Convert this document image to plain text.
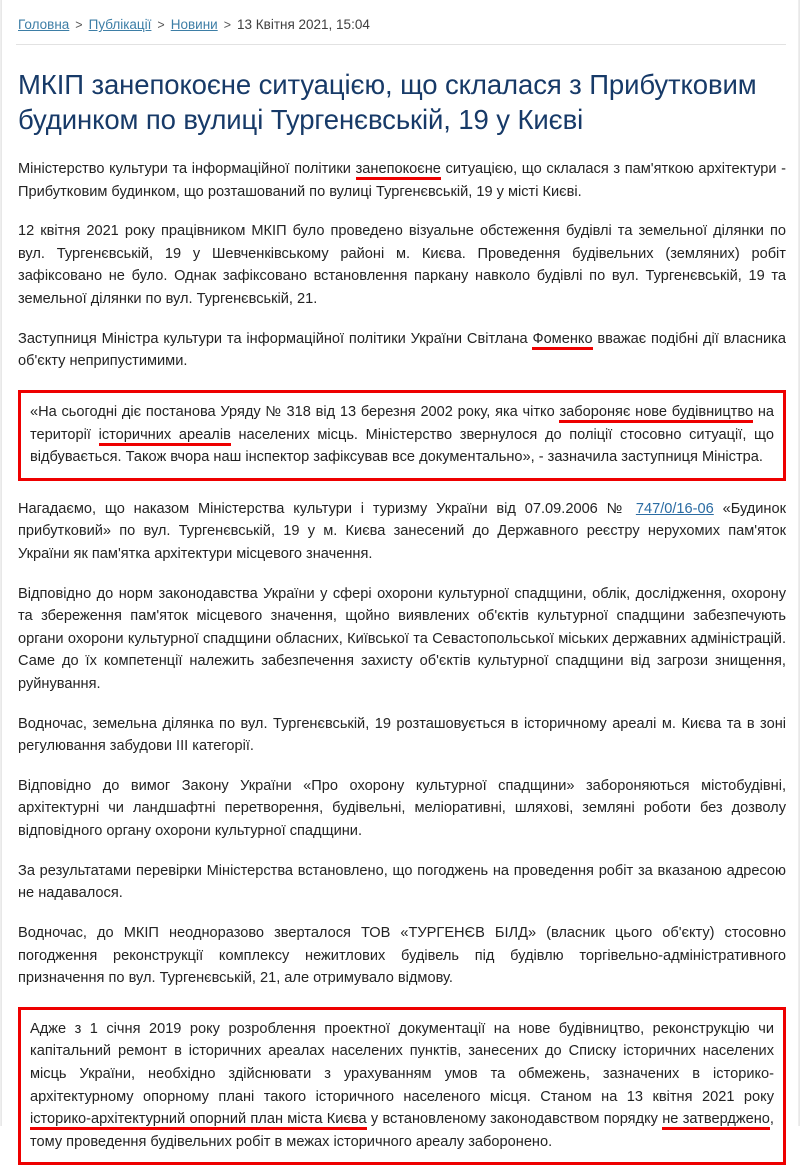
Головна > Публікації > Новини > 13 Квітня 2021, 15:04
МКІП занепокоєне ситуацією, що склалася з Прибутковим будинком по вулиці Тургенєвській, 19 у Києві

Міністерство культури та інформаційної політики занепокоєне ситуацією, що склалася з пам'яткою архітектури - Прибутковим будинком, що розташований по вулиці Тургенєвській, 19 у місті Києві.

12 квітня 2021 року працівником МКІП було проведено візуальне обстеження будівлі та земельної ділянки по вул. Тургенєвській, 19 у Шевченківському районі м. Києва. Проведення будівельних (земляних) робіт зафіксовано не було. Однак зафіксовано встановлення паркану навколо будівлі по вул. Тургенєвській, 19 та земельної ділянки по вул. Тургенєвській, 21.

Заступниця Міністра культури та інформаційної політики України Світлана Фоменко вважає подібні дії власника об'єкту неприпустимими.

«На сьогодні діє постанова Уряду № 318 від 13 березня 2002 року, яка чітко забороняє нове будівництво на території історичних ареалів населених місць. Міністерство звернулося до поліції стосовно ситуації, що відбувається. Також вчора наш інспектор зафіксував все документально», - зазначила заступниця Міністра.

Нагадаємо, що наказом Міністерства культури і туризму України від 07.09.2006 № 747/0/16-06 «Будинок прибутковий» по вул. Тургенєвській, 19 у м. Києва занесений до Державного реєстру нерухомих пам'яток України як пам'ятка архітектури місцевого значення.

Відповідно до норм законодавства України у сфері охорони культурної спадщини, облік, дослідження, охорону та збереження пам'яток місцевого значення, щойно виявлених об'єктів культурної спадщини забезпечують органи охорони культурної спадщини обласних, Київської та Севастопольської міських державних адміністрацій. Саме до їх компетенції належить забезпечення захисту об'єктів культурної спадщини від загрози знищення, руйнування.

Водночас, земельна ділянка по вул. Тургенєвській, 19 розташовується в історичному ареалі м. Києва та в зоні регулювання забудови ІІІ категорії.

Відповідно до вимог Закону України «Про охорону культурної спадщини» забороняються містобудівні, архітектурні чи ландшафтні перетворення, будівельні, меліоративні, шляхові, земляні роботи без дозволу відповідного органу охорони культурної спадщини.

За результатами перевірки Міністерства встановлено, що погоджень на проведення робіт за вказаною адресою не надавалося.

Водночас, до МКІП неодноразово зверталося ТОВ «ТУРГЕНЄВ БІЛД» (власник цього об'єкту) стосовно погодження реконструкції комплексу нежитлових будівель під будівлю торгівельно-адміністративного призначення по вул. Тургенєвській, 21, але отримувало відмову.

Адже з 1 січня 2019 року розроблення проектної документації на нове будівництво, реконструкцію чи капітальний ремонт в історичних ареалах населених пунктів, занесених до Списку історичних населених місць України, необхідно здійснювати з урахуванням умов та обмежень, зазначених в історико-архітектурному опорному плані такого історичного населеного місця. Станом на 13 квітня 2021 року історико-архітектурний опорний план міста Києва у встановленому законодавством порядку не затверджено, тому проведення будівельних робіт в межах історичного ареалу заборонено.
